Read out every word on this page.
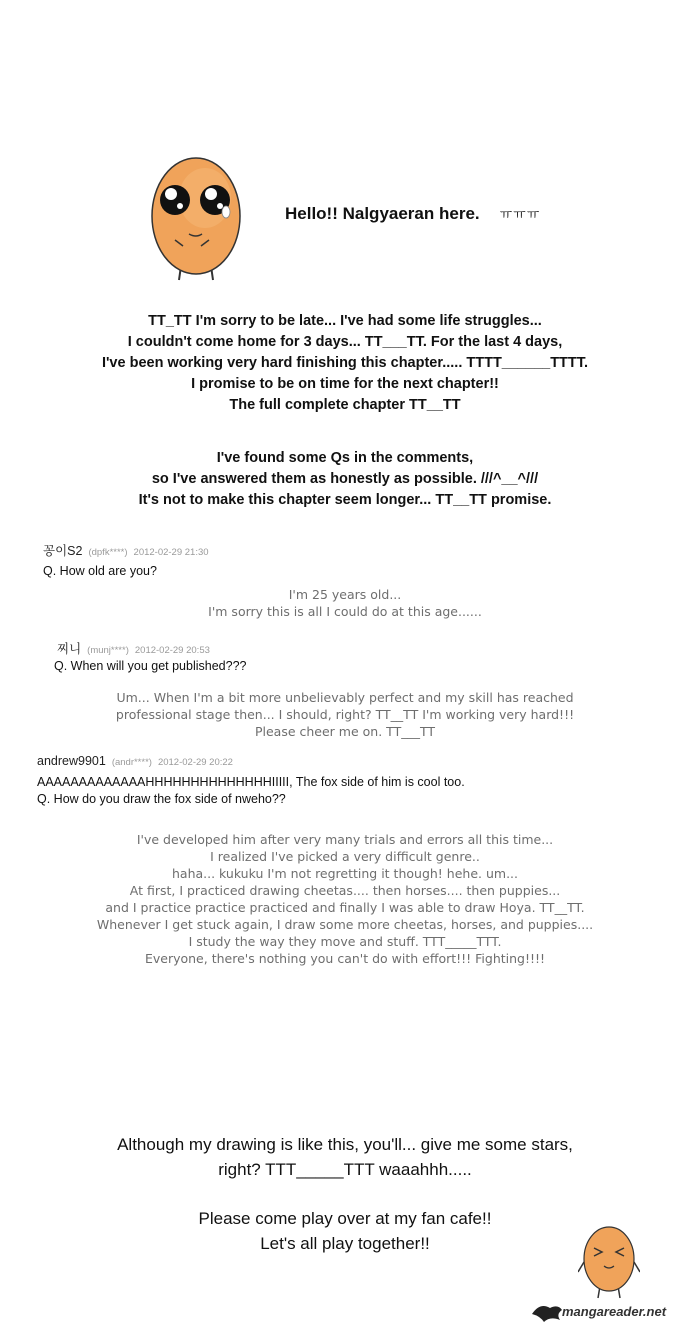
Hello!! Nalgyaeran here. ㅠㅠㅠ
TT_TT I'm sorry to be late... I've had some life struggles...
I couldn't come home for 3 days... TT___TT. For the last 4 days,
I've been working very hard finishing this chapter..... TTTT______TTTT.
I promise to be on time for the next chapter!!
The full complete chapter TT__TT
I've found some Qs in the comments,
so I've answered them as honestly as possible. ///^__^///
It's not to make this chapter seem longer... TT__TT promise.
꽁이S2 (dpfk****) 2012-02-29 21:30
Q. How old are you?
I'm 25 years old...
I'm sorry this is all I could do at this age......
찌니 (munj****) 2012-02-29 20:53
Q. When will you get published???
Um... When I'm a bit more unbelievably perfect and my skill has reached
professional stage then... I should, right? TT__TT I'm working very hard!!!
Please cheer me on. TT___TT
andrew9901 (andr****) 2012-02-29 20:22
AAAAAAAAAAAAAHHHHHHHHHHHHHHIIIII, The fox side of him is cool too.
Q. How do you draw the fox side of nweho??
I've developed him after very many trials and errors all this time...
I realized I've picked a very difficult genre..
haha... kukuku I'm not regretting it though! hehe. um...
At first, I practiced drawing cheetas.... then horses.... then puppies...
and I practice practice practiced and finally I was able to draw Hoya. TT__TT.
Whenever I get stuck again, I draw some more cheetas, horses, and puppies....
I study the way they move and stuff. TTT_____TTT.
Everyone, there's nothing you can't do with effort!!! Fighting!!!!
Although my drawing is like this, you'll... give me some stars,
right? TTT_____TTT waaahhh.....
Please come play over at my fan cafe!!
Let's all play together!!
mangareader.net
